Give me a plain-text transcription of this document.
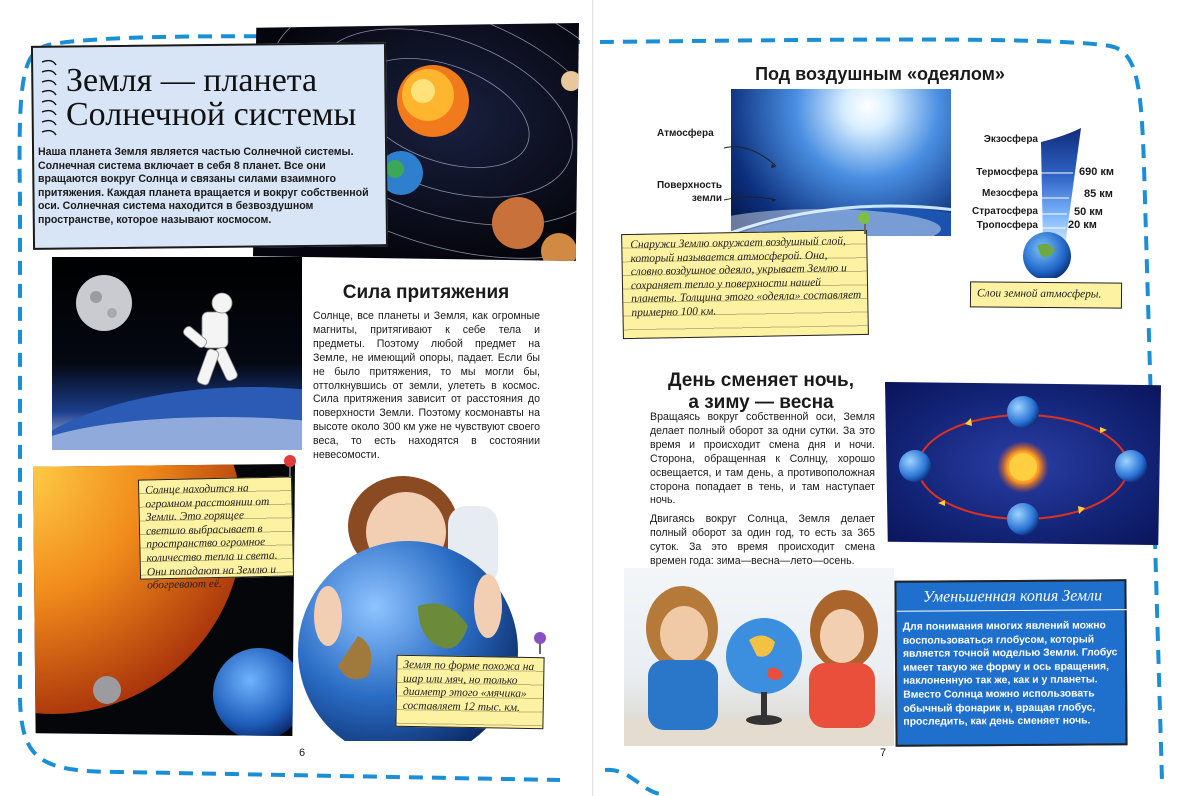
Земля — планета Солнечной системы
Наша планета Земля является частью Солнечной системы. Солнечная система включает в себя 8 планет. Все они вращаются вокруг Солнца и связаны силами взаимного притяжения. Каждая планета вращается и вокруг собственной оси. Солнечная система находится в безвоздушном пространстве, которое называют космосом.
Сила притяжения
Солнце, все планеты и Земля, как огромные магниты, притягивают к себе тела и предметы. Поэтому любой предмет на Земле, не имеющий опоры, падает. Если бы не было притяжения, то мы могли бы, оттолкнувшись от земли, улететь в космос. Сила притяжения зависит от расстояния до поверхности Земли. Поэтому космонавты на высоте около 300 км уже не чувствуют своего веса, то есть находятся в состоянии невесомости.
Солнце находится на огромном расстоянии от Земли. Это горящее светило выбрасывает в пространство огромное количество тепла и света. Они попадают на Землю и обогревают её.
Земля по форме похожа на шар или мяч, но только диаметр этого «мячика» составляет 12 тыс. км.
6
Под воздушным «одеялом»
Атмосфера
Поверхность земли
Снаружи Землю окружает воздушный слой, который называется атмосферой. Она, словно воздушное одеяло, укрывает Землю и сохраняет тепло у поверхности нашей планеты. Толщина этого «одеяла» составляет примерно 100 км.
Экзосфера
Термосфера
Мезосфера
Стратосфера
Тропосфера
690 км
85 км
50 км
20 км
Слои земной атмосферы.
День сменяет ночь,
а зиму — весна
Вращаясь вокруг собственной оси, Земля делает полный оборот за одни сутки. За это время и происходит смена дня и ночи. Сторона, обращенная к Солнцу, хорошо освещается, и там день, а противоположная сторона попадает в тень, и там наступает ночь.
Двигаясь вокруг Солнца, Земля делает полный оборот за один год, то есть за 365 суток. За это время происходит смена времен года: зима—весна—лето—осень.
Уменьшенная копия Земли
Для понимания многих явлений можно воспользоваться глобусом, который является точной моделью Земли. Глобус имеет такую же форму и ось вращения, наклоненную так же, как и у планеты. Вместо Солнца можно использовать обычный фонарик и, вращая глобус, проследить, как день сменяет ночь.
7
